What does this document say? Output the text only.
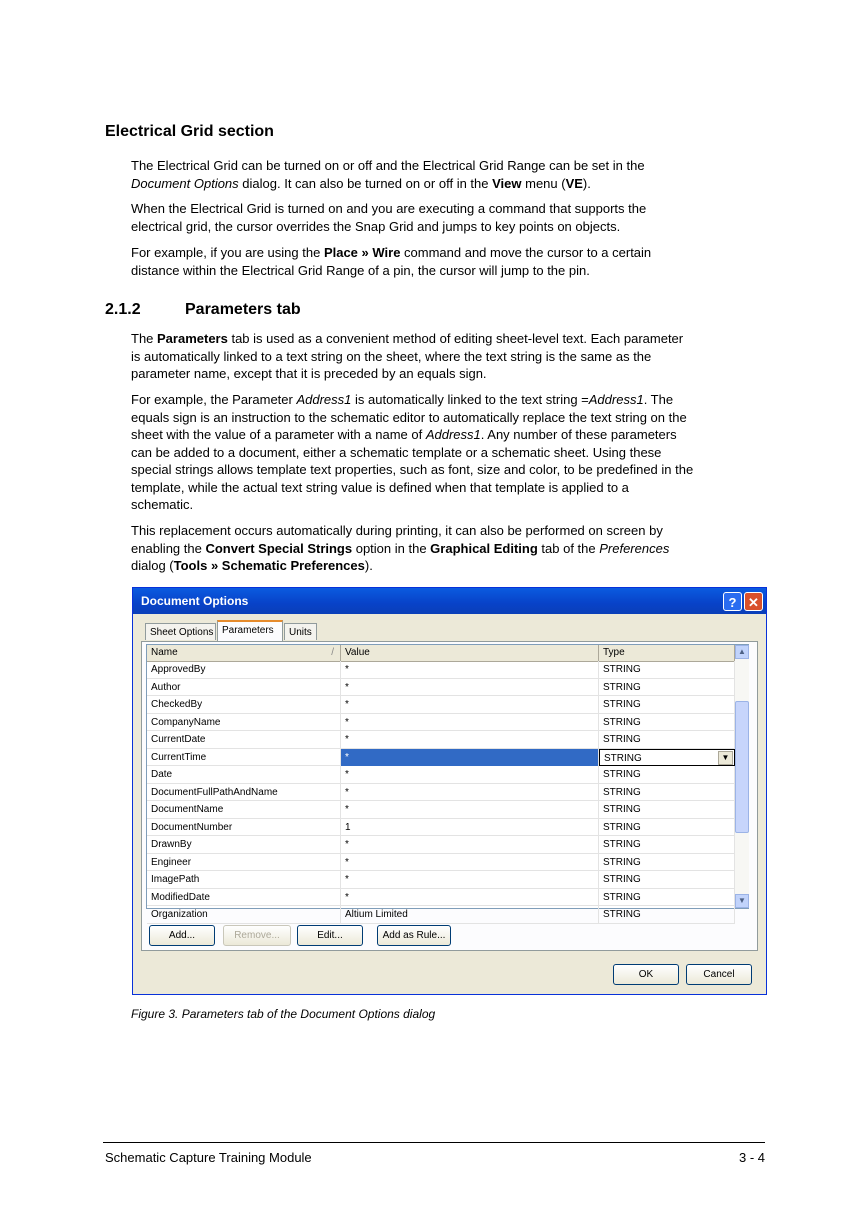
Electrical Grid section

The Electrical Grid can be turned on or off and the Electrical Grid Range can be set in the
Document Options dialog. It can also be turned on or off in the View menu (VE).

When the Electrical Grid is turned on and you are executing a command that supports the
electrical grid, the cursor overrides the Snap Grid and jumps to key points on objects.

For example, if you are using the Place » Wire command and move the cursor to a certain
distance within the Electrical Grid Range of a pin, the cursor will jump to the pin.

2.1.2	Parameters tab

The Parameters tab is used as a convenient method of editing sheet-level text. Each parameter
is automatically linked to a text string on the sheet, where the text string is the same as the
parameter name, except that it is preceded by an equals sign.

For example, the Parameter Address1 is automatically linked to the text string =Address1. The
equals sign is an instruction to the schematic editor to automatically replace the text string on the
sheet with the value of a parameter with a name of Address1. Any number of these parameters
can be added to a document, either a schematic template or a schematic sheet. Using these
special strings allows template text properties, such as font, size and color, to be predefined in the
template, while the actual text string value is defined when that template is applied to a
schematic.

This replacement occurs automatically during printing, it can also be performed on screen by
enabling the Convert Special Strings option in the Graphical Editing tab of the Preferences
dialog (Tools » Schematic Preferences).

Document Options	? ✕
Sheet Options Parameters	Units
Name	/	Value	Type
ApprovedBy	*	STRING
Author	*	STRING
CheckedBy	*	STRING
CompanyName	*	STRING
CurrentDate	*	STRING
CurrentTime	*	STRING	▼
Date	*	STRING
DocumentFullPathAndName	*	STRING
DocumentName	*	STRING
DocumentNumber	1	STRING
DrawnBy	*	STRING
Engineer	*	STRING
ImagePath	*	STRING
ModifiedDate	*	STRING
Organization	Altium Limited	STRING
▲
▼
Add...	Remove...	Edit...	Add as Rule...
OK	Cancel

Figure 3. Parameters tab of the Document Options dialog

Schematic Capture Training Module	3 - 4
